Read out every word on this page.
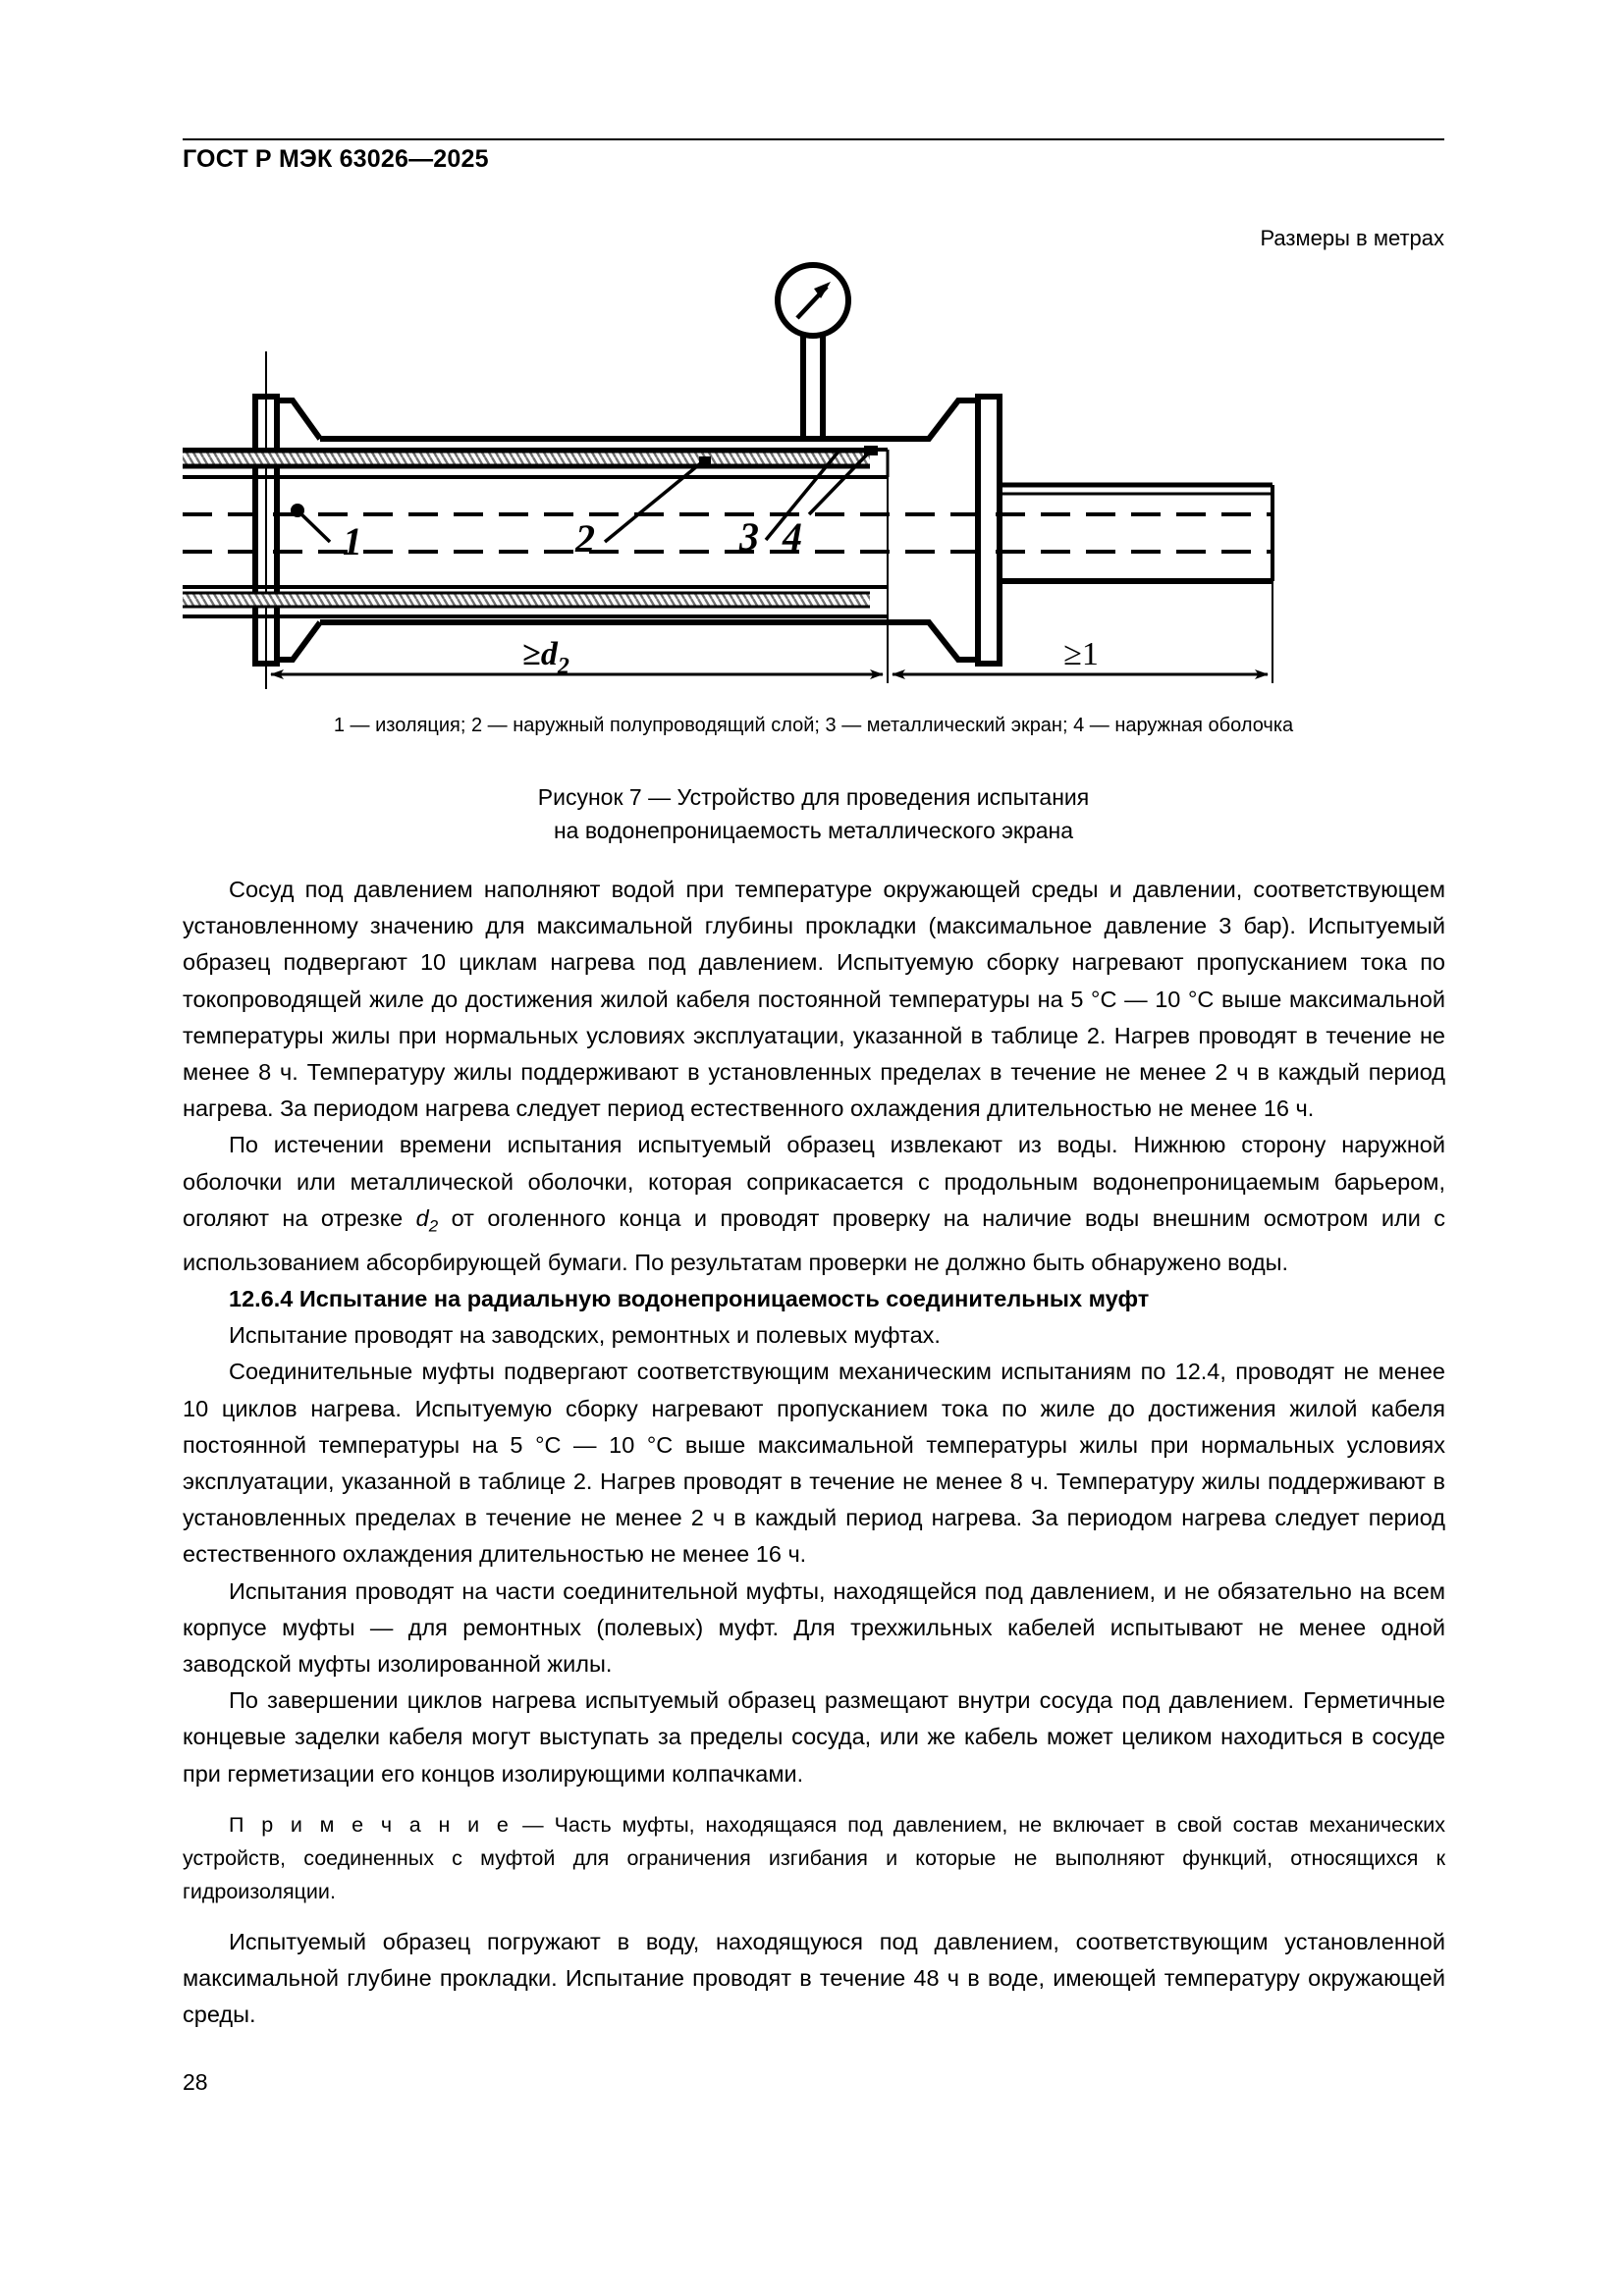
ГОСТ Р МЭК 63026—2025
Размеры в метрах
1	2	3 4
$\ge d_2$	≥1
1 — изоляция; 2 — наружный полупроводящий слой; 3 — металлический экран; 4 — наружная оболочка
Рисунок 7 — Устройство для проведения испытания
на водонепроницаемость металлического экрана

Сосуд под давлением наполняют водой при температуре окружающей среды и давлении, соответствующем установленному значению для максимальной глубины прокладки (максимальное давление 3 бар). Испытуемый образец подвергают 10 циклам нагрева под давлением. Испытуемую сборку нагревают пропусканием тока по токопроводящей жиле до достижения жилой кабеля постоянной температуры на 5 °С — 10 °С выше максимальной температуры жилы при нормальных условиях эксплуатации, указанной в таблице 2. Нагрев проводят в течение не менее 8 ч. Температуру жилы поддерживают в установленных пределах в течение не менее 2 ч в каждый период нагрева. За периодом нагрева следует период естественного охлаждения длительностью не менее 16 ч.

По истечении времени испытания испытуемый образец извлекают из воды. Нижнюю сторону наружной оболочки или металлической оболочки, которая соприкасается с продольным водонепроницаемым барьером, оголяют на отрезке $d_2$ от оголенного конца и проводят проверку на наличие воды внешним осмотром или с использованием абсорбирующей бумаги. По результатам проверки не должно быть обнаружено воды.

12.6.4 Испытание на радиальную водонепроницаемость соединительных муфт

Испытание проводят на заводских, ремонтных и полевых муфтах.

Соединительные муфты подвергают соответствующим механическим испытаниям по 12.4, проводят не менее 10 циклов нагрева. Испытуемую сборку нагревают пропусканием тока по жиле до достижения жилой кабеля постоянной температуры на 5 °С — 10 °С выше максимальной температуры жилы при нормальных условиях эксплуатации, указанной в таблице 2. Нагрев проводят в течение не менее 8 ч. Температуру жилы поддерживают в установленных пределах в течение не менее 2 ч в каждый период нагрева. За периодом нагрева следует период естественного охлаждения длительностью не менее 16 ч.

Испытания проводят на части соединительной муфты, находящейся под давлением, и не обязательно на всем корпусе муфты — для ремонтных (полевых) муфт. Для трехжильных кабелей испытывают не менее одной заводской муфты изолированной жилы.

По завершении циклов нагрева испытуемый образец размещают внутри сосуда под давлением. Герметичные концевые заделки кабеля могут выступать за пределы сосуда, или же кабель может целиком находиться в сосуде при герметизации его концов изолирующими колпачками.

П р и м е ч а н и е — Часть муфты, находящаяся под давлением, не включает в свой состав механических устройств, соединенных с муфтой для ограничения изгибания и которые не выполняют функций, относящихся к гидроизоляции.

Испытуемый образец погружают в воду, находящуюся под давлением, соответствующим установленной максимальной глубине прокладки. Испытание проводят в течение 48 ч в воде, имеющей температуру окружающей среды.

28
